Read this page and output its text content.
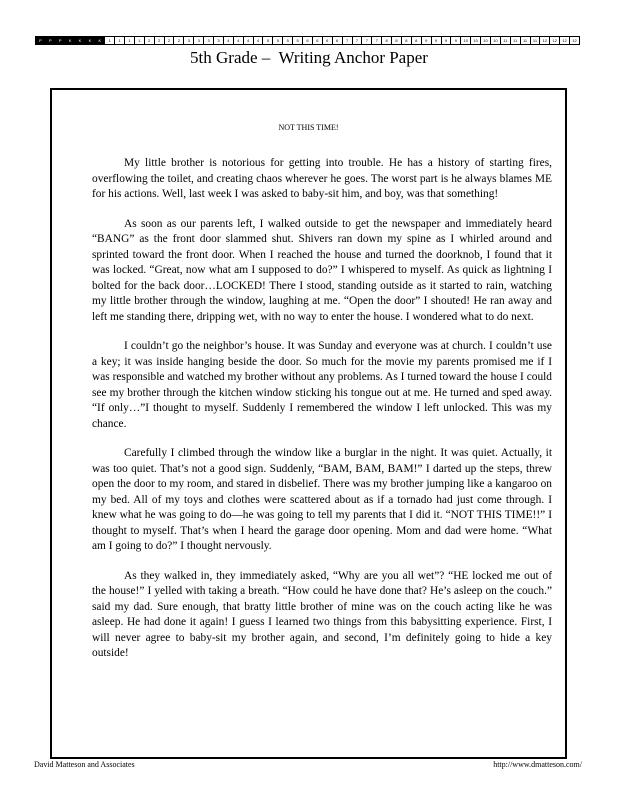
P	P	P	K	K	K	K	1	1	1	1	2	2	2	2	3	3	3	3	4	4	4	4	5	5	5	5	6	6	6	6	7	7	7	7	8	8	8	8	9	9	9	9	10	10	10	10	11	11	11	11	12	12	12	12
5th Grade –  Writing Anchor Paper
NOT THIS TIME!

My little brother is notorious for getting into trouble. He has a history of starting fires, overflowing the toilet, and creating chaos wherever he goes. The worst part is he always blames ME for his actions. Well, last week I was asked to baby-sit him, and boy, was that something!

As soon as our parents left, I walked outside to get the newspaper and immediately heard “BANG” as the front door slammed shut. Shivers ran down my spine as I whirled around and sprinted toward the front door. When I reached the house and turned the doorknob, I found that it was locked. “Great, now what am I supposed to do?” I whispered to myself. As quick as lightning I bolted for the back door…LOCKED! There I stood, standing outside as it started to rain, watching my little brother through the window, laughing at me. “Open the door” I shouted! He ran away and left me standing there, dripping wet, with no way to enter the house. I wondered what to do next.

I couldn’t go the neighbor’s house. It was Sunday and everyone was at church. I couldn’t use a key; it was inside hanging beside the door. So much for the movie my parents promised me if I was responsible and watched my brother without any problems. As I turned toward the house I could see my brother through the kitchen window sticking his tongue out at me. He turned and sped away. “If only…”I thought to myself. Suddenly I remembered the window I left unlocked. This was my chance.

Carefully I climbed through the window like a burglar in the night. It was quiet. Actually, it was too quiet. That’s not a good sign. Suddenly, “BAM, BAM, BAM!” I darted up the steps, threw open the door to my room, and stared in disbelief. There was my brother jumping like a kangaroo on my bed. All of my toys and clothes were scattered about as if a tornado had just come through. I knew what he was going to do—he was going to tell my parents that I did it. “NOT THIS TIME!!” I thought to myself. That’s when I heard the garage door opening. Mom and dad were home. “What am I going to do?” I thought nervously.

As they walked in, they immediately asked, “Why are you all wet”? “HE locked me out of the house!” I yelled with taking a breath. “How could he have done that? He’s asleep on the couch.” said my dad. Sure enough, that bratty little brother of mine was on the couch acting like he was asleep. He had done it again! I guess I learned two things from this babysitting experience. First, I will never agree to baby-sit my brother again, and second, I’m definitely going to hide a key outside!

David Matteson and Associates	http://www.dmatteson.com/
